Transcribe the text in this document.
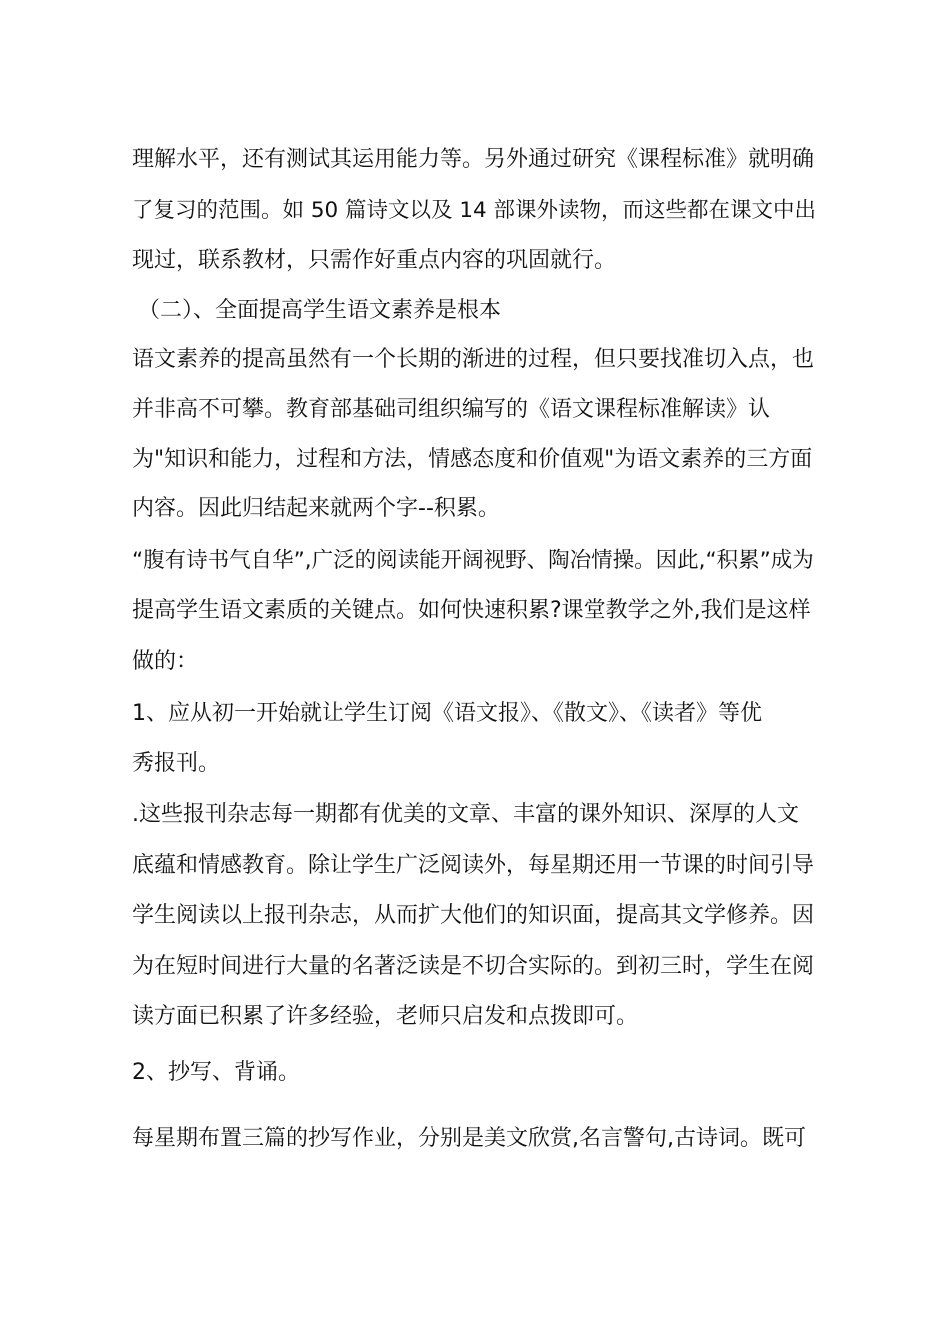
理解水平，还有测试其运用能力等。另外通过研究《课程标准》就明确
了复习的范围。如 50 篇诗文以及 14 部课外读物，而这些都在课文中出
现过，联系教材，只需作好重点内容的巩固就行。
（二）、全面提高学生语文素养是根本
语文素养的提高虽然有一个长期的渐进的过程，但只要找准切入点，也
并非高不可攀。教育部基础司组织编写的《语文课程标准解读》认
为"知识和能力，过程和方法，情感态度和价值观"为语文素养的三方面
内容。因此归结起来就两个字--积累。
“腹有诗书气自华”,广泛的阅读能开阔视野、陶冶情操。因此,“积累”成为
提高学生语文素质的关键点。如何快速积累?课堂教学之外,我们是这样
做的：
1、应从初一开始就让学生订阅《语文报》、《散文》、《读者》等优
秀报刊。
.这些报刊杂志每一期都有优美的文章、丰富的课外知识、深厚的人文
底蕴和情感教育。除让学生广泛阅读外，每星期还用一节课的时间引导
学生阅读以上报刊杂志，从而扩大他们的知识面，提高其文学修养。因
为在短时间进行大量的名著泛读是不切合实际的。到初三时，学生在阅
读方面已积累了许多经验，老师只启发和点拨即可。
2、抄写、背诵。
每星期布置三篇的抄写作业，分别是美文欣赏,名言警句,古诗词。既可
